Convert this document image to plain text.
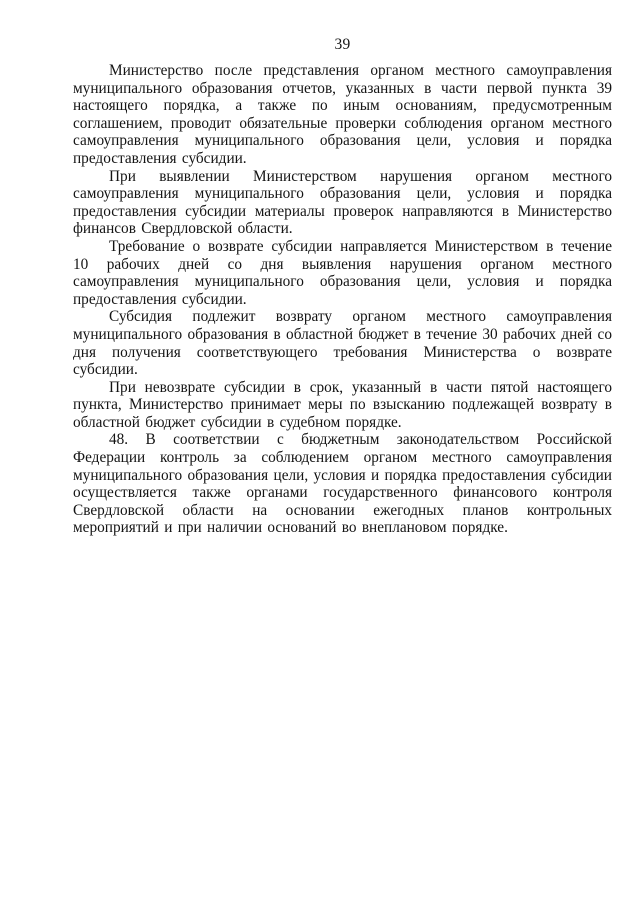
39

Министерство после представления органом местного самоуправления муниципального образования отчетов, указанных в части первой пункта 39 настоящего порядка, а также по иным основаниям, предусмотренным соглашением, проводит обязательные проверки соблюдения органом местного самоуправления муниципального образования цели, условия и порядка предоставления субсидии.

При выявлении Министерством нарушения органом местного самоуправления муниципального образования цели, условия и порядка предоставления субсидии материалы проверок направляются в Министерство финансов Свердловской области.

Требование о возврате субсидии направляется Министерством в течение 10 рабочих дней со дня выявления нарушения органом местного самоуправления муниципального образования цели, условия и порядка предоставления субсидии.

Субсидия подлежит возврату органом местного самоуправления муниципального образования в областной бюджет в течение 30 рабочих дней со дня получения соответствующего требования Министерства о возврате субсидии.

При невозврате субсидии в срок, указанный в части пятой настоящего пункта, Министерство принимает меры по взысканию подлежащей возврату в областной бюджет субсидии в судебном порядке.

48. В соответствии с бюджетным законодательством Российской Федерации контроль за соблюдением органом местного самоуправления муниципального образования цели, условия и порядка предоставления субсидии осуществляется также органами государственного финансового контроля Свердловской области на основании ежегодных планов контрольных мероприятий и при наличии оснований во внеплановом порядке.
